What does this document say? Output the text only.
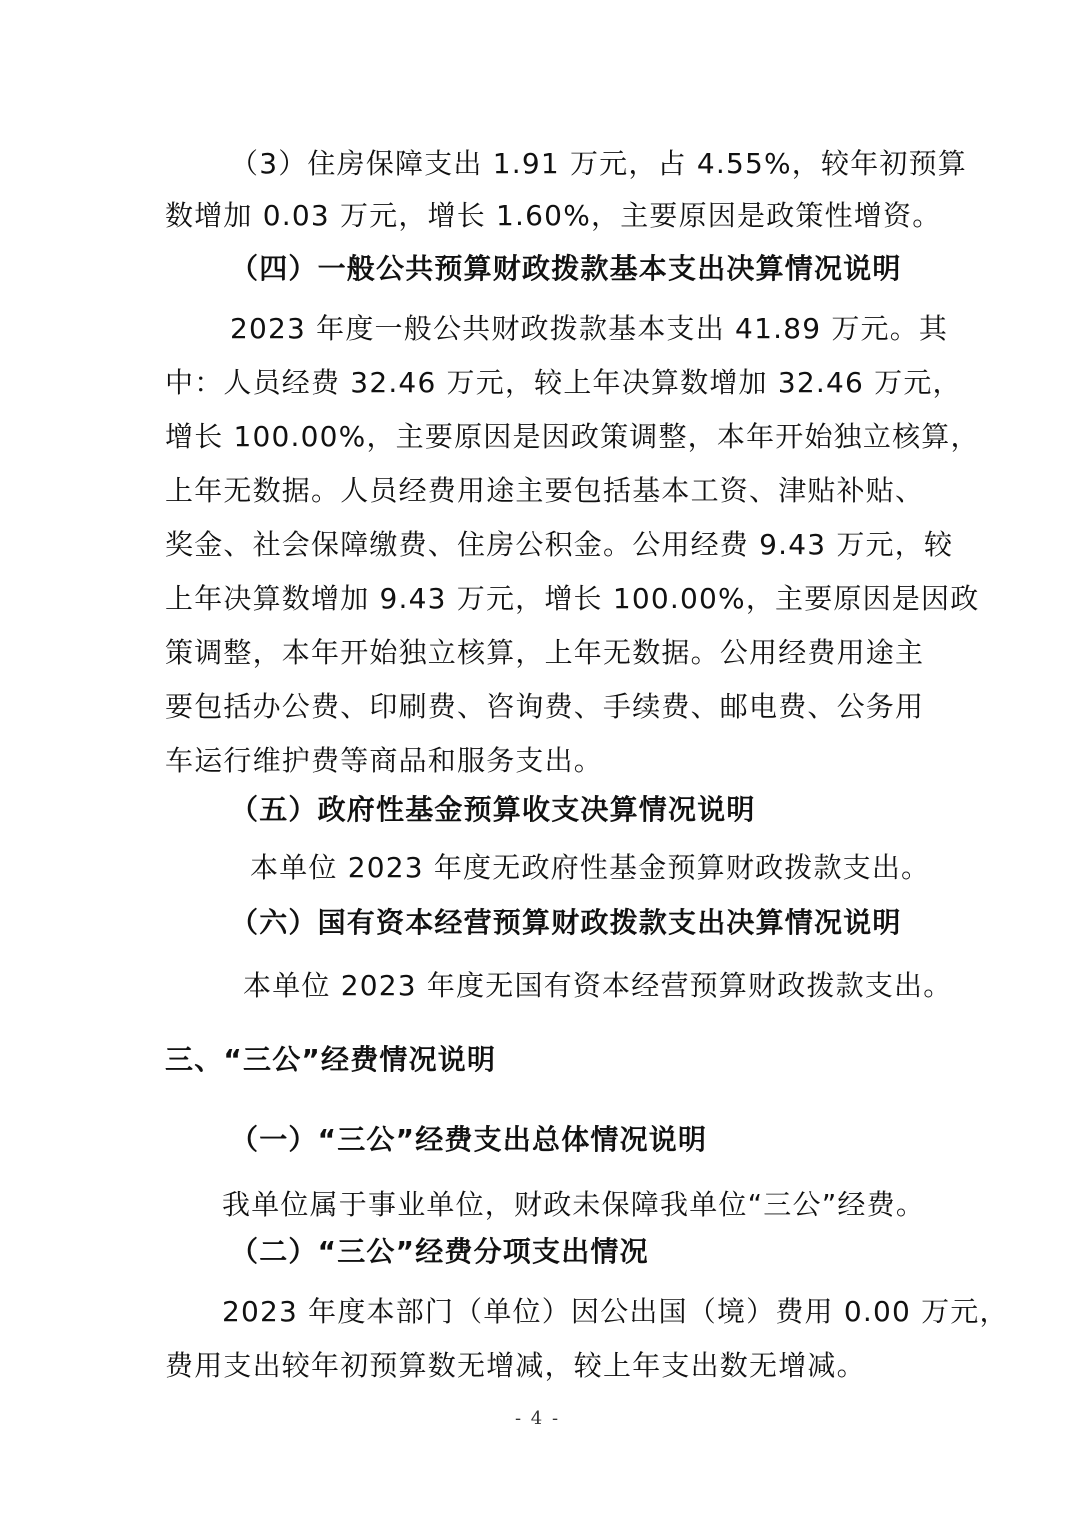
（3）住房保障支出 1.91 万元，占 4.55%，较年初预算
数增加 0.03 万元，增长 1.60%，主要原因是政策性增资。
（四）一般公共预算财政拨款基本支出决算情况说明
2023 年度一般公共财政拨款基本支出 41.89 万元。其
中：人员经费 32.46 万元，较上年决算数增加 32.46 万元，
增长 100.00%，主要原因是因政策调整，本年开始独立核算，
上年无数据。人员经费用途主要包括基本工资、津贴补贴、
奖金、社会保障缴费、住房公积金。公用经费 9.43 万元，较
上年决算数增加 9.43 万元，增长 100.00%，主要原因是因政
策调整，本年开始独立核算，上年无数据。公用经费用途主
要包括办公费、印刷费、咨询费、手续费、邮电费、公务用
车运行维护费等商品和服务支出。
（五）政府性基金预算收支决算情况说明
本单位 2023 年度无政府性基金预算财政拨款支出。
（六）国有资本经营预算财政拨款支出决算情况说明
本单位 2023 年度无国有资本经营预算财政拨款支出。
三、“三公”经费情况说明
（一）“三公”经费支出总体情况说明
我单位属于事业单位，财政未保障我单位“三公”经费。
（二）“三公”经费分项支出情况
2023 年度本部门（单位）因公出国（境）费用 0.00 万元，
费用支出较年初预算数无增减，较上年支出数无增减。
- 4 -
